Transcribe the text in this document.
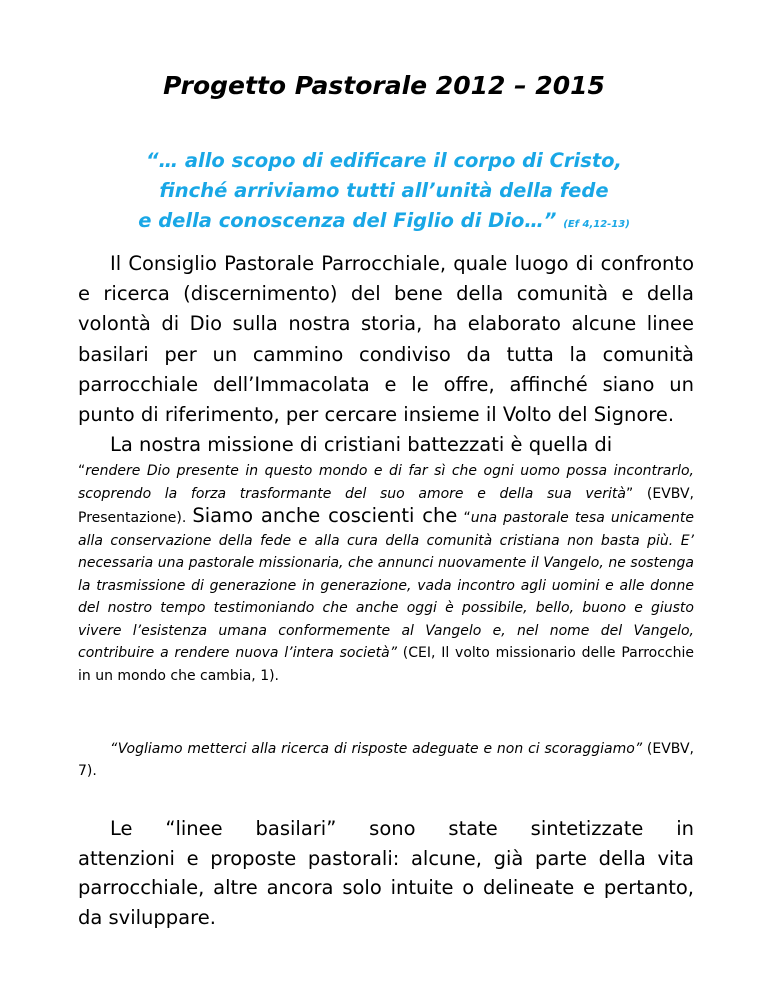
Progetto Pastorale 2012 – 2015
“… allo scopo di edificare il corpo di Cristo,
finché arriviamo tutti all’unità della fede
e della conoscenza del Figlio di Dio…” (Ef 4,12-13)

Il Consiglio Pastorale Parrocchiale, quale luogo di confronto e ricerca (discernimento) del bene della comunità e della volontà di Dio sulla nostra storia, ha elaborato alcune linee basilari per un cammino condiviso da tutta la comunità parrocchiale dell’Immacolata e le offre, affinché siano un punto di riferimento, per cercare insieme il Volto del Signore.

La nostra missione di cristiani battezzati è quella di
“rendere Dio presente in questo mondo e di far sì che ogni uomo possa incontrarlo, scoprendo la forza trasformante del suo amore e della sua verità” (EVBV, Presentazione). Siamo anche coscienti che “una pastorale tesa unicamente alla conservazione della fede e alla cura della comunità cristiana non basta più. E’ necessaria una pastorale missionaria, che annunci nuovamente il Vangelo, ne sostenga la trasmissione di generazione in generazione, vada incontro agli uomini e alle donne del nostro tempo testimoniando che anche oggi è possibile, bello, buono e giusto vivere l’esistenza umana conformemente al Vangelo e, nel nome del Vangelo, contribuire a rendere nuova l’intera società” (CEI, Il volto missionario delle Parrocchie in un mondo che cambia, 1).

“Vogliamo metterci alla ricerca di risposte adeguate e non ci scoraggiamo” (EVBV, 7).

Le “linee basilari” sono state sintetizzate in
attenzioni e proposte pastorali: alcune, già parte della vita parrocchiale, altre ancora solo intuite o delineate e pertanto, da sviluppare.
